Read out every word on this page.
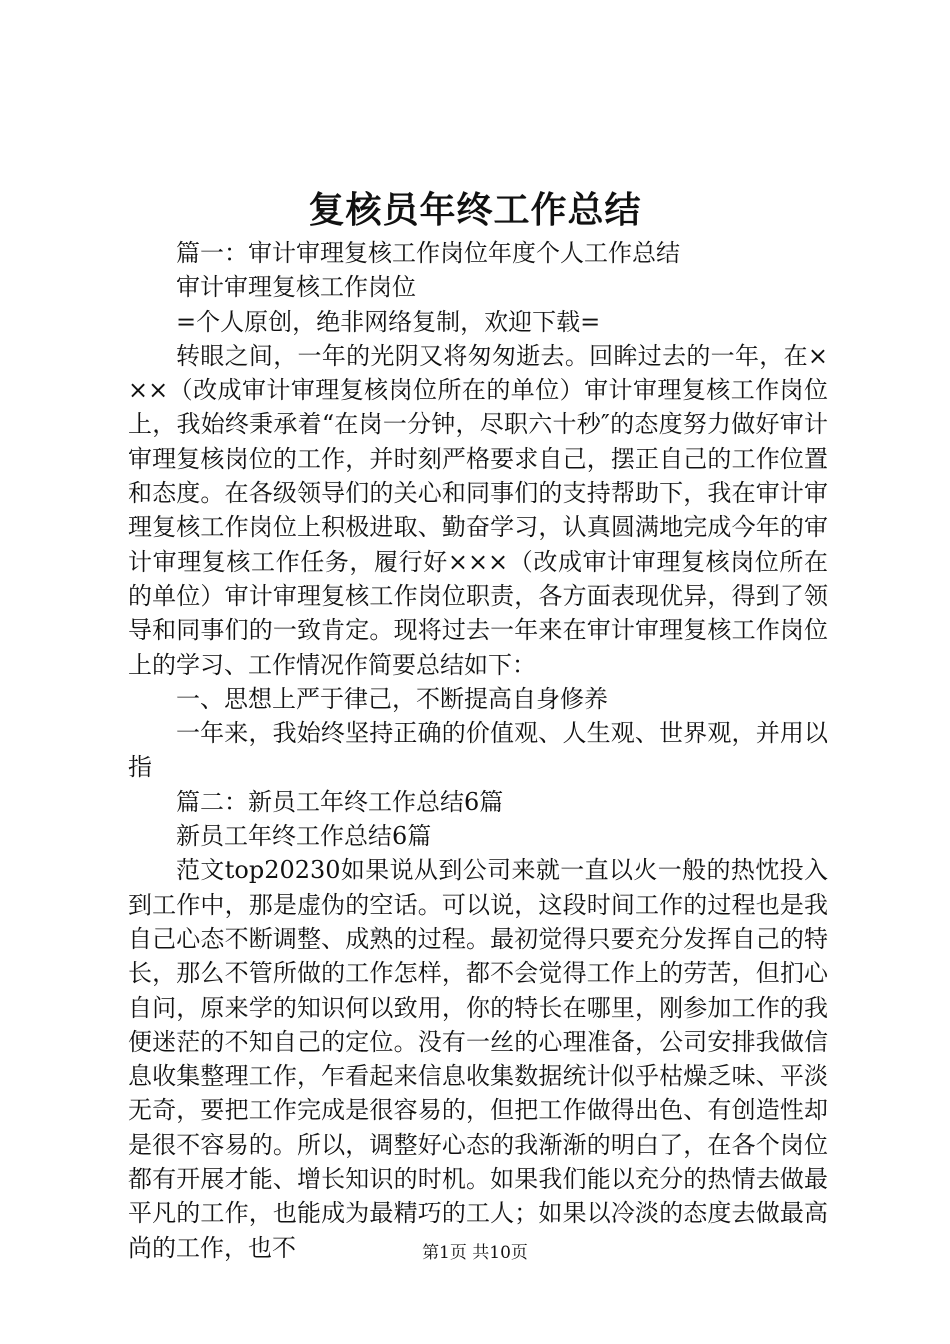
复核员年终工作总结

篇一：审计审理复核工作岗位年度个人工作总结

审计审理复核工作岗位

=个人原创，绝非网络复制，欢迎下载=

转眼之间，一年的光阴又将匆匆逝去。回眸过去的一年，在×××（改成审计审理复核岗位所在的单位）审计审理复核工作岗位上，我始终秉承着“在岗一分钟，尽职六十秒″的态度努力做好审计审理复核岗位的工作，并时刻严格要求自己，摆正自己的工作位置和态度。在各级领导们的关心和同事们的支持帮助下，我在审计审理复核工作岗位上积极进取、勤奋学习，认真圆满地完成今年的审计审理复核工作任务，履行好×××（改成审计审理复核岗位所在的单位）审计审理复核工作岗位职责，各方面表现优异，得到了领导和同事们的一致肯定。现将过去一年来在审计审理复核工作岗位上的学习、工作情况作简要总结如下：

一、思想上严于律己，不断提高自身修养

一年来，我始终坚持正确的价值观、人生观、世界观，并用以指

篇二：新员工年终工作总结6篇

新员工年终工作总结6篇

范文top20230如果说从到公司来就一直以火一般的热忱投入到工作中，那是虚伪的空话。可以说，这段时间工作的过程也是我自己心态不断调整、成熟的过程。最初觉得只要充分发挥自己的特长，那么不管所做的工作怎样，都不会觉得工作上的劳苦，但扪心自问，原来学的知识何以致用，你的特长在哪里，刚参加工作的我便迷茫的不知自己的定位。没有一丝的心理准备，公司安排我做信息收集整理工作，乍看起来信息收集数据统计似乎枯燥乏味、平淡无奇，要把工作完成是很容易的，但把工作做得出色、有创造性却是很不容易的。所以，调整好心态的我渐渐的明白了，在各个岗位都有开展才能、增长知识的时机。如果我们能以充分的热情去做最平凡的工作，也能成为最精巧的工人；如果以冷淡的态度去做最高尚的工作，也不	第1页 共10页
